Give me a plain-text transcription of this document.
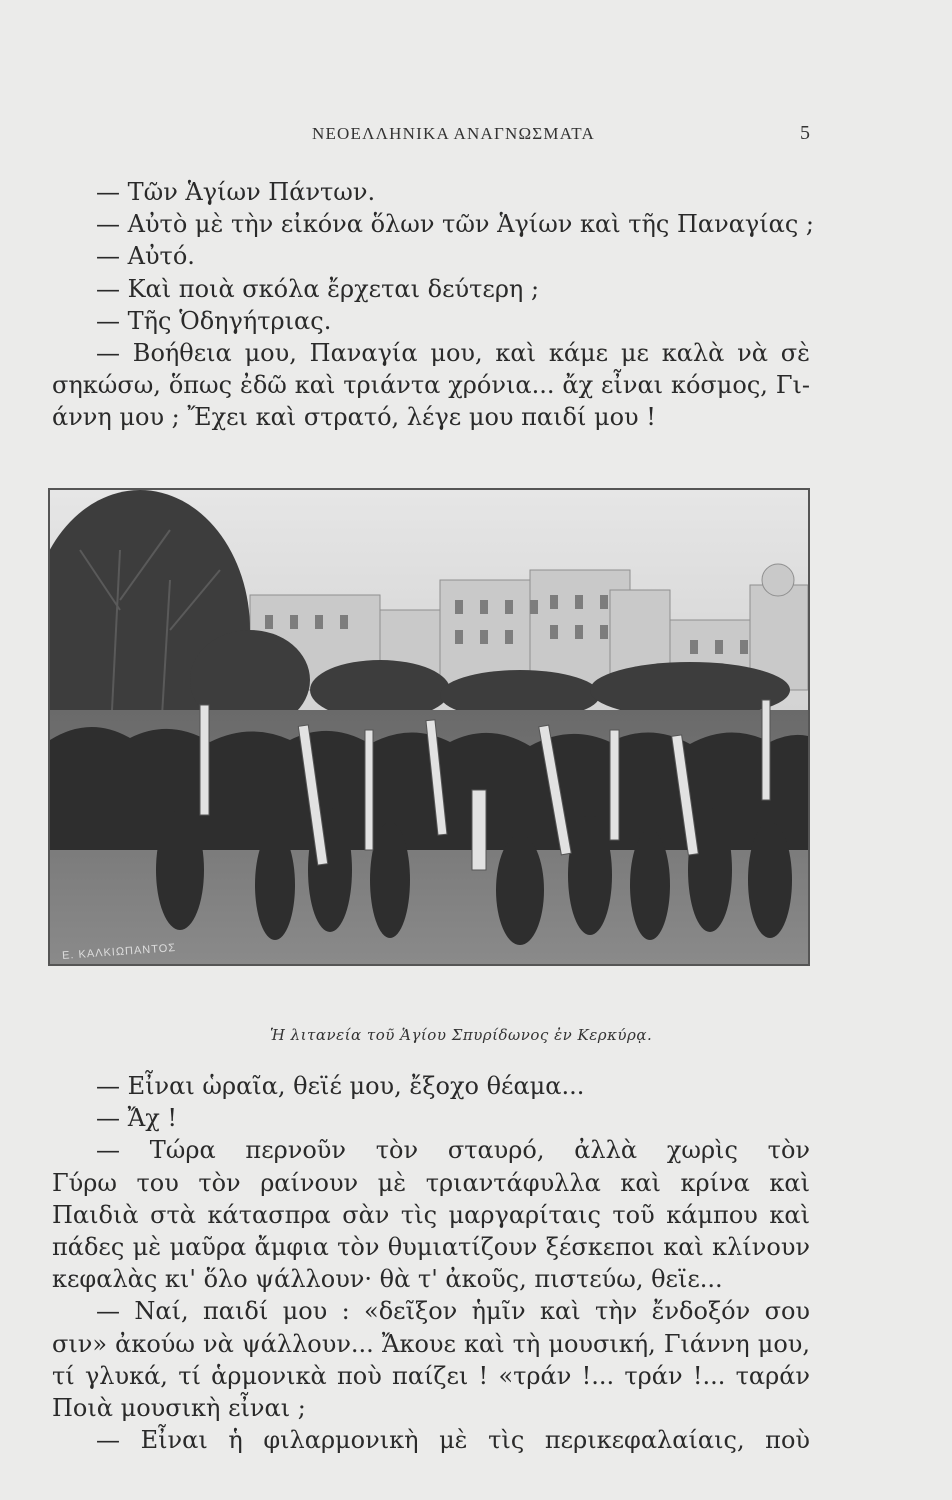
ΝΕΟΕΛΛΗΝΙΚΑ ΑΝΑΓΝΩΣΜΑΤΑ	5
— Τῶν Ἁγίων Πάντων.
— Αὐτὸ μὲ τὴν εἰκόνα ὅλων τῶν Ἁγίων καὶ τῆς Παναγίας ;
— Αὐτό.
— Καὶ ποιὰ σκόλα ἔρχεται δεύτερη ;
— Τῆς Ὁδηγήτριας.
— Βοήθεια μου, Παναγία μου, καὶ κάμε με καλὰ νὰ σὲ
σηκώσω, ὅπως ἐδῶ καὶ τριάντα χρόνια... ἄχ εἶναι κόσμος, Γι-
άννη μου ; Ἔχει καὶ στρατό, λέγε μου παιδί μου !
Ε. ΚΑΛΚΙΩΠΑΝΤΟΣ
Ἡ λιτανεία τοῦ Ἁγίου Σπυρίδωνος ἐν Κερκύρᾳ.
— Εἶναι ὡραῖα, θεϊέ μου, ἔξοχο θέαμα...
— Ἄχ !
— Τώρα περνοῦν τὸν σταυρό, ἀλλὰ χωρὶς τὸν
Γύρω του τὸν ραίνουν μὲ τριαντάφυλλα καὶ κρίνα καὶ
Παιδιὰ στὰ κάτασπρα σὰν τὶς μαργαρίταις τοῦ κάμπου καὶ
πάδες μὲ μαῦρα ἄμφια τὸν θυμιατίζουν ξέσκεποι καὶ κλίνουν
κεφαλὰς κι' ὅλο ψάλλουν· θὰ τ' ἀκοῦς, πιστεύω, θεϊε...
— Ναί, παιδί μου : «δεῖξον ἡμῖν καὶ τὴν ἔνδοξόν σου
σιν» ἀκούω νὰ ψάλλουν... Ἄκουε καὶ τὴ μουσική, Γιάννη μου,
τί γλυκά, τί ἁρμονικὰ ποὺ παίζει ! «τράν !... τράν !... ταράν
Ποιὰ μουσικὴ εἶναι ;
— Εἶναι ἡ φιλαρμονικὴ μὲ τὶς περικεφαλαίαις, ποὺ
